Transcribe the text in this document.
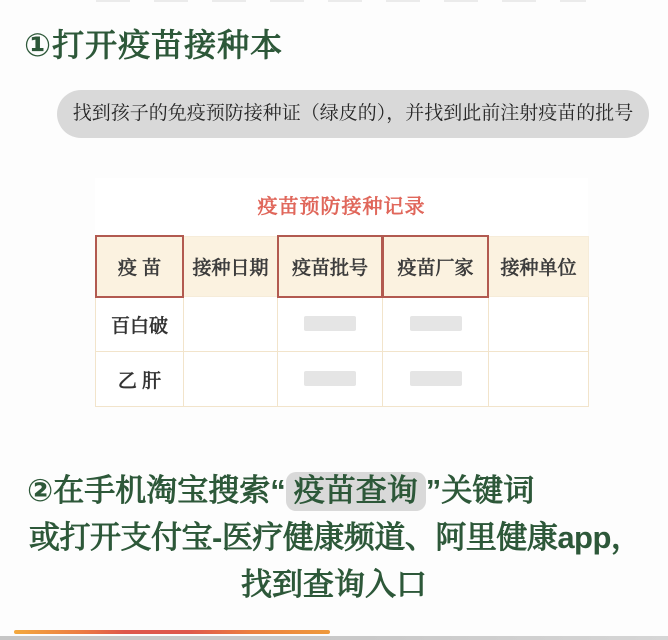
①打开疫苗接种本
找到孩子的免疫预防接种证（绿皮的），并找到此前注射疫苗的批号
疫苗预防接种记录
疫 苗	接种日期	疫苗批号	疫苗厂家	接种单位
百白破				
乙 肝				
②在手机淘宝搜索“ 疫苗查询 ”关键词
或打开支付宝-医疗健康频道、阿里健康app，
找到查询入口
